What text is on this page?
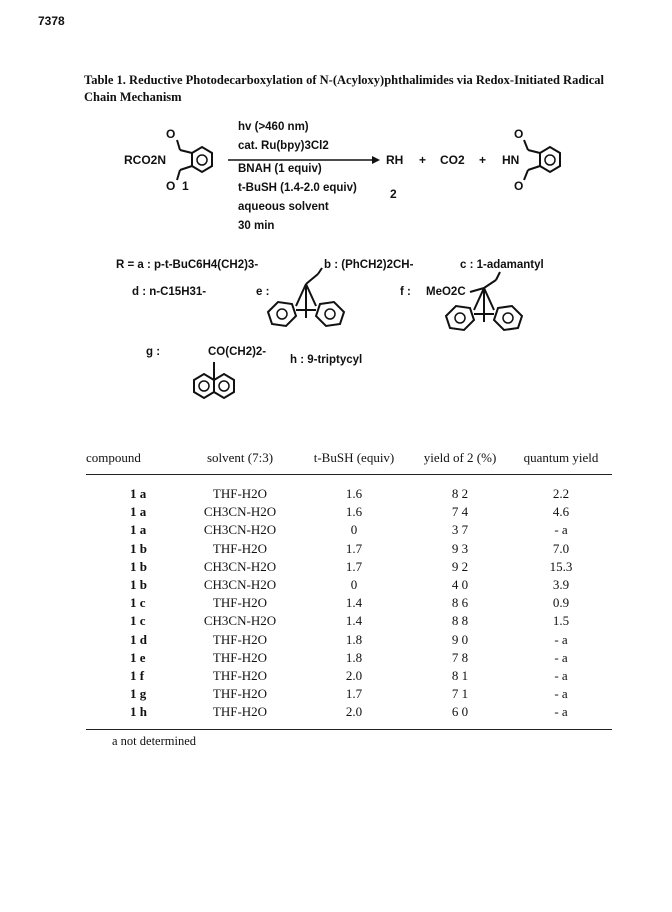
7378
Table 1. Reductive Photodecarboxylation of N-(Acyloxy)phthalimides via Redox-Initiated Radical Chain Mechanism
O
O
RCO2N
1
RH
2
+ CO2 + HN
O
O
hv (>460 nm)
cat. Ru(bpy)3Cl2
BNAH (1 equiv)
t-BuSH (1.4-2.0 equiv)
aqueous solvent
30 min
R = a : p-t-BuC6H4(CH2)3-	b : (PhCH2)2CH-	c : 1-adamantyl
d : n-C15H31-	e :	f : MeO2C
g :	CO(CH2)2-
h : 9-triptycyl
compound	solvent (7:3)	t-BuSH (equiv)	yield of 2 (%)	quantum yield
1 a	THF-H2O	1.6	8 2	2.2
1 a	CH3CN-H2O	1.6	7 4	4.6
1 a	CH3CN-H2O	0	3 7	- a
1 b	THF-H2O	1.7	9 3	7.0
1 b	CH3CN-H2O	1.7	9 2	15.3
1 b	CH3CN-H2O	0	4 0	3.9
1 c	THF-H2O	1.4	8 6	0.9
1 c	CH3CN-H2O	1.4	8 8	1.5
1 d	THF-H2O	1.8	9 0	- a
1 e	THF-H2O	1.8	7 8	- a
1 f	THF-H2O	2.0	8 1	- a
1 g	THF-H2O	1.7	7 1	- a
1 h	THF-H2O	2.0	6 0	- a
a not determined
